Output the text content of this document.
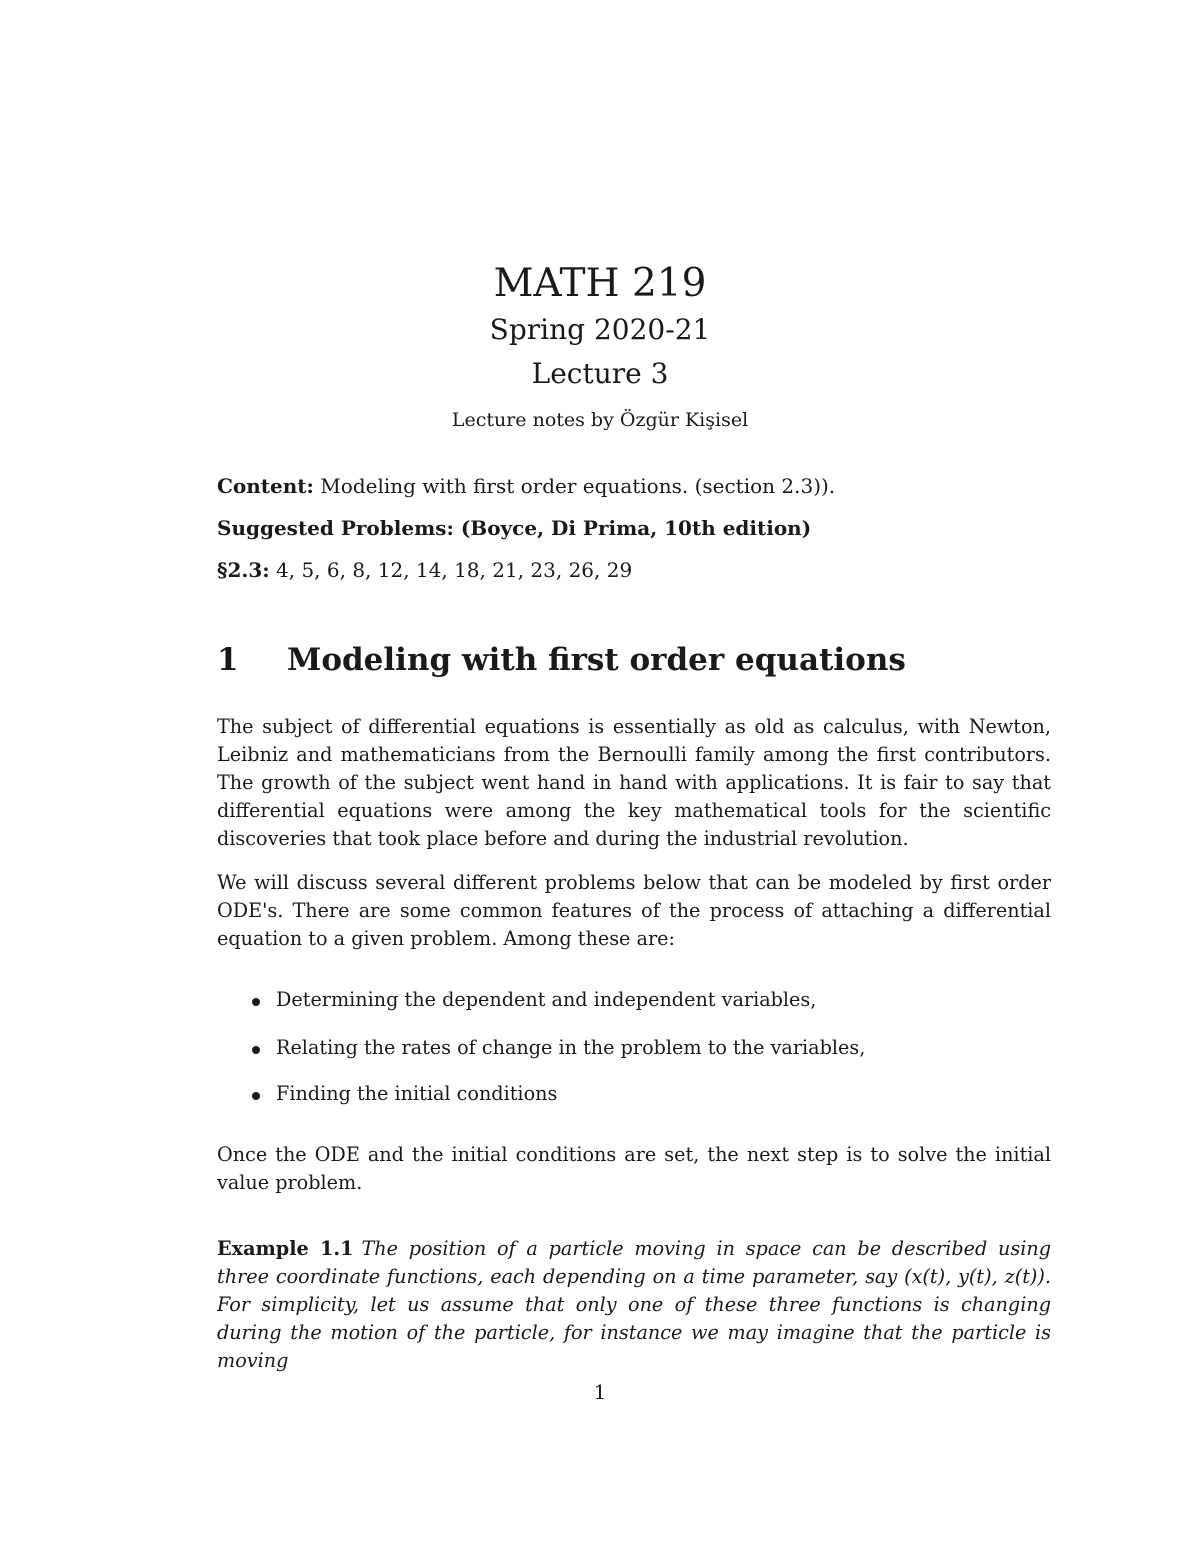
MATH 219
Spring 2020-21
Lecture 3
Lecture notes by Özgür Kişisel
Content: Modeling with first order equations. (section 2.3)).
Suggested Problems: (Boyce, Di Prima, 10th edition)
§2.3: 4, 5, 6, 8, 12, 14, 18, 21, 23, 26, 29
1 Modeling with first order equations

The subject of differential equations is essentially as old as calculus, with Newton, Leibniz and mathematicians from the Bernoulli family among the first contributors. The growth of the subject went hand in hand with applications. It is fair to say that differential equations were among the key mathematical tools for the scientific discoveries that took place before and during the industrial revolution.

We will discuss several different problems below that can be modeled by first order ODE's. There are some common features of the process of attaching a differential equation to a given problem. Among these are:

Determining the dependent and independent variables,
Relating the rates of change in the problem to the variables,
Finding the initial conditions

Once the ODE and the initial conditions are set, the next step is to solve the initial value problem.

Example 1.1 The position of a particle moving in space can be described using three coordinate functions, each depending on a time parameter, say (x(t), y(t), z(t)). For simplicity, let us assume that only one of these three functions is changing during the motion of the particle, for instance we may imagine that the particle is moving

1
